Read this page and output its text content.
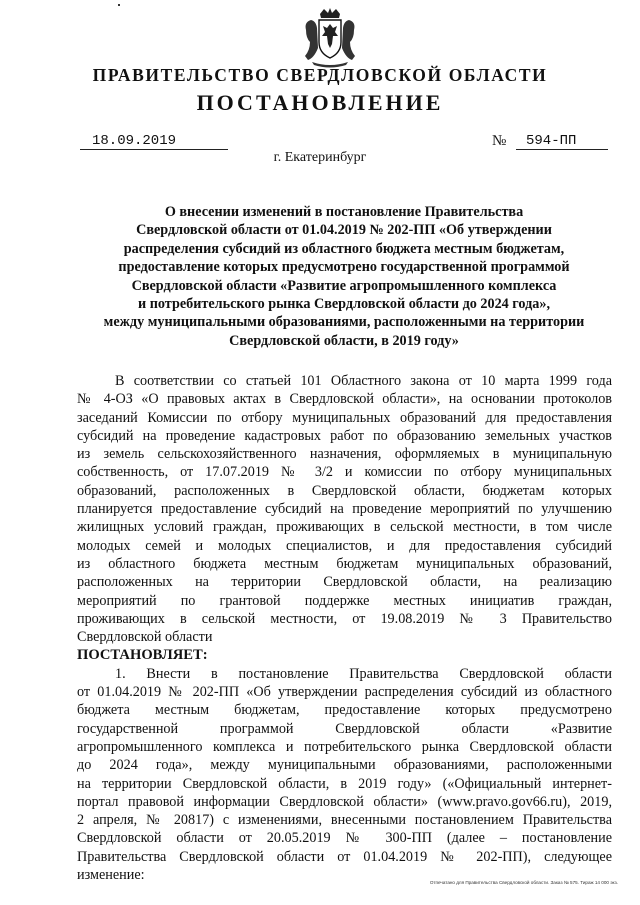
ПРАВИТЕЛЬСТВО СВЕРДЛОВСКОЙ ОБЛАСТИ
ПОСТАНОВЛЕНИЕ
18.09.2019	№	594-ПП
г. Екатеринбург
О внесении изменений в постановление Правительства
Свердловской области от 01.04.2019 № 202-ПП «Об утверждении
распределения субсидий из областного бюджета местным бюджетам,
предоставление которых предусмотрено государственной программой
Свердловской области «Развитие агропромышленного комплекса
и потребительского рынка Свердловской области до 2024 года»,
между муниципальными образованиями, расположенными на территории
Свердловской области, в 2019 году»
В соответствии со статьей 101 Областного закона от 10 марта 1999 года
№ 4-ОЗ «О правовых актах в Свердловской области», на основании протоколов
заседаний Комиссии по отбору муниципальных образований для предоставления
субсидий на проведение кадастровых работ по образованию земельных участков
из земель сельскохозяйственного назначения, оформляемых в муниципальную
собственность, от 17.07.2019 № 3/2 и комиссии по отбору муниципальных
образований, расположенных в Свердловской области, бюджетам которых
планируется предоставление субсидий на проведение мероприятий по улучшению
жилищных условий граждан, проживающих в сельской местности, в том числе
молодых семей и молодых специалистов, и для предоставления субсидий
из областного бюджета местным бюджетам муниципальных образований,
расположенных на территории Свердловской области, на реализацию
мероприятий по грантовой поддержке местных инициатив граждан,
проживающих в сельской местности, от 19.08.2019 № 3 Правительство
Свердловской области
ПОСТАНОВЛЯЕТ:
1. Внести в постановление Правительства Свердловской области
от 01.04.2019 № 202-ПП «Об утверждении распределения субсидий из областного
бюджета местным бюджетам, предоставление которых предусмотрено
государственной программой Свердловской области «Развитие
агропромышленного комплекса и потребительского рынка Свердловской области
до 2024 года», между муниципальными образованиями, расположенными
на территории Свердловской области, в 2019 году» («Официальный интернет-
портал правовой информации Свердловской области» (www.pravo.gov66.ru), 2019,
2 апреля, № 20817) с изменениями, внесенными постановлением Правительства
Свердловской области от 20.05.2019 № 300-ПП (далее – постановление
Правительства Свердловской области от 01.04.2019 № 202-ПП), следующее
изменение:	Отпечатано для Правительства Свердловской области. Заказ № 575. Тираж 14 000 экз.
